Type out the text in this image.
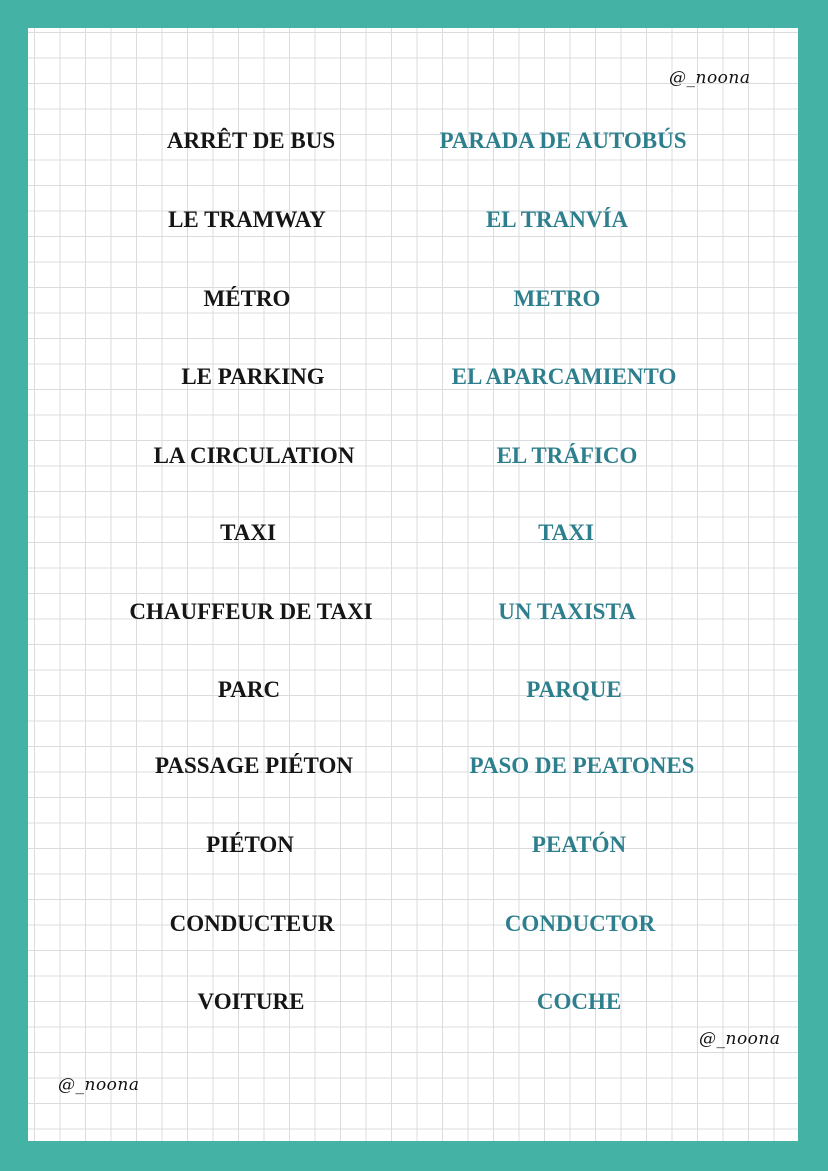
@_noona
ARRÊT DE BUS	PARADA DE AUTOBÚS
LE TRAMWAY	EL TRANVÍA
MÉTRO	METRO
LE PARKING	EL APARCAMIENTO
LA CIRCULATION	EL TRÁFICO
TAXI	TAXI
CHAUFFEUR DE TAXI	UN TAXISTA
PARC	PARQUE
PASSAGE PIÉTON	PASO DE PEATONES
PIÉTON	PEATÓN
CONDUCTEUR	CONDUCTOR
VOITURE	COCHE
@_noona
@_noona
